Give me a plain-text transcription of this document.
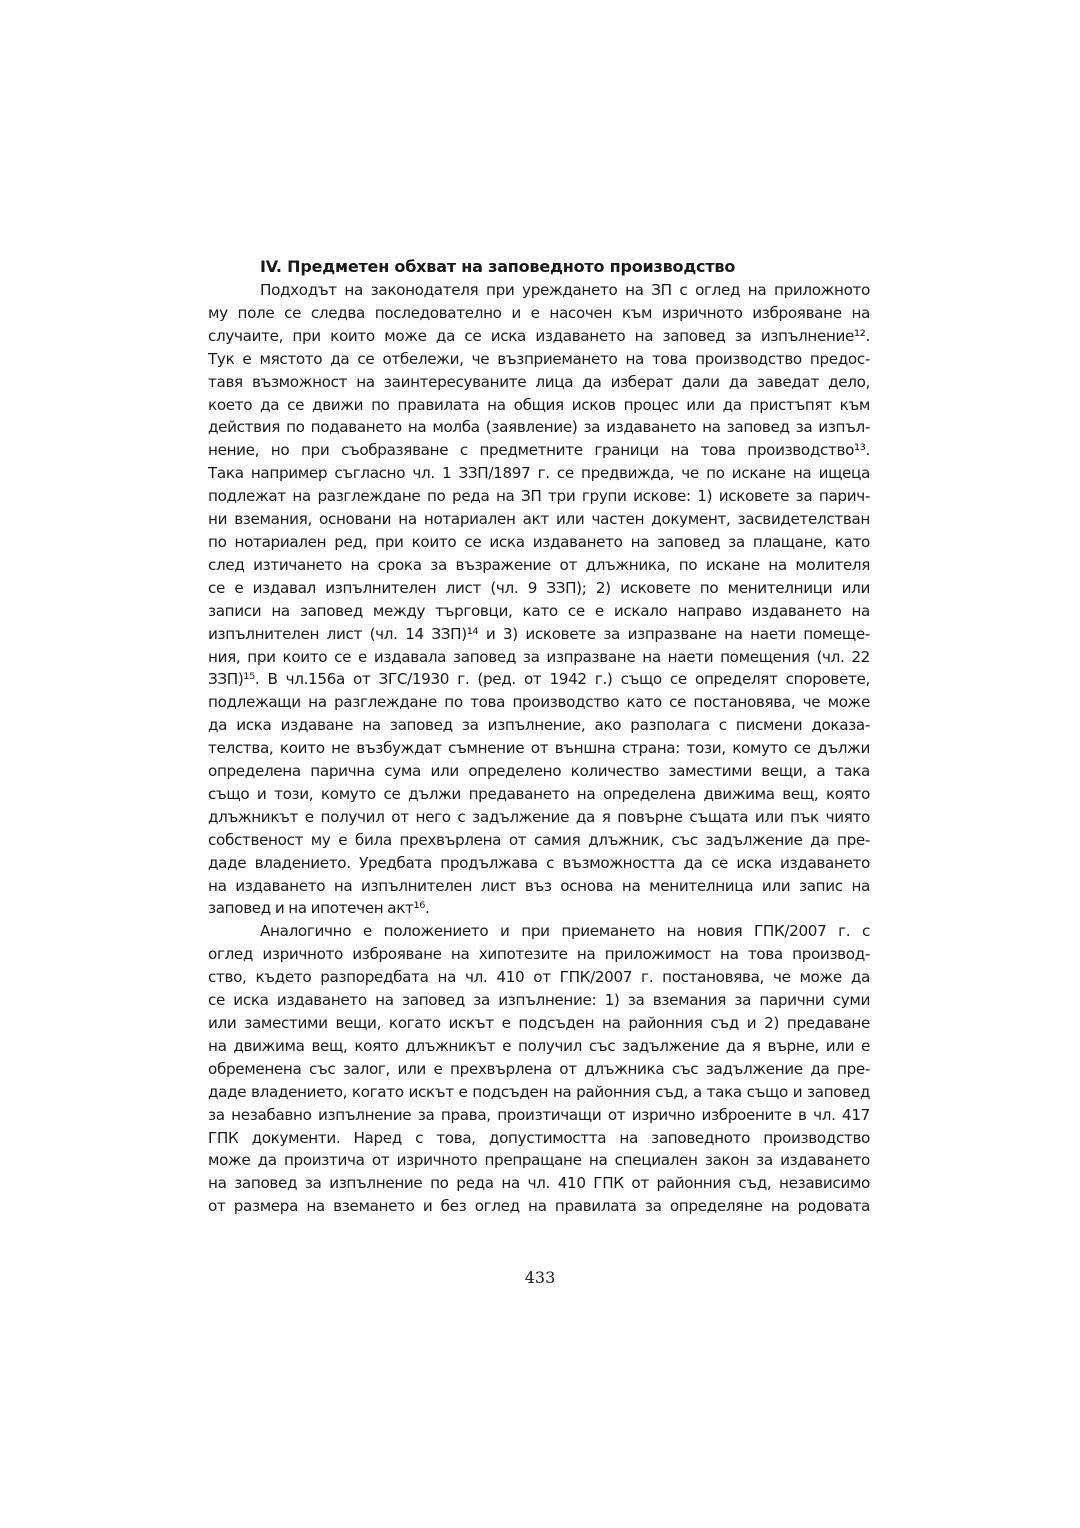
IV. Предметен обхват на заповедното производство
Подходът на законодателя при уреждането на ЗП с оглед на приложното
му поле се следва последователно и е насочен към изричното изброяване на
случаите, при които може да се иска издаването на заповед за изпълнение¹².
Тук е мястото да се отбележи, че възприемането на това производство предос-
тавя възможност на заинтересуваните лица да изберат дали да заведат дело,
което да се движи по правилата на общия исков процес или да пристъпят към
действия по подаването на молба (заявление) за издаването на заповед за изпъл-
нение, но при съобразяване с предметните граници на това производство¹³.
Така например съгласно чл. 1 ЗЗП/1897 г. се предвижда, че по искане на ищеца
подлежат на разглеждане по реда на ЗП три групи искове: 1) исковете за парич-
ни вземания, основани на нотариален акт или частен документ, засвидетелстван
по нотариален ред, при които се иска издаването на заповед за плащане, като
след изтичането на срока за възражение от длъжника, по искане на молителя
се е издавал изпълнителен лист (чл. 9 ЗЗП); 2) исковете по менителници или
записи на заповед между търговци, като се е искало направо издаването на
изпълнителен лист (чл. 14 ЗЗП)¹⁴ и 3) исковете за изпразване на наети помеще-
ния, при които се е издавала заповед за изпразване на наети помещения (чл. 22
ЗЗП)¹⁵. В чл.156а от ЗГС/1930 г. (ред. от 1942 г.) също се определят споровете,
подлежащи на разглеждане по това производство като се постановява, че може
да иска издаване на заповед за изпълнение, ако разполага с писмени доказа-
телства, които не възбуждат съмнение от външна страна: този, комуто се дължи
определена парична сума или определено количество заместими вещи, а така
също и този, комуто се дължи предаването на определена движима вещ, която
длъжникът е получил от него с задължение да я повърне същата или пък чиято
собственост му е била прехвърлена от самия длъжник, със задължение да пре-
даде владението. Уредбата продължава с възможността да се иска издаването
на издаването на изпълнителен лист въз основа на менителница или запис на
заповед и на ипотечен акт¹⁶.
Аналогично е положението и при приемането на новия ГПК/2007 г. с
оглед изричното изброяване на хипотезите на приложимост на това производ-
ство, където разпоредбата на чл. 410 от ГПК/2007 г. постановява, че може да
се иска издаването на заповед за изпълнение: 1) за вземания за парични суми
или заместими вещи, когато искът е подсъден на районния съд и 2) предаване
на движима вещ, която длъжникът е получил със задължение да я върне, или е
обременена със залог, или е прехвърлена от длъжника със задължение да пре-
даде владението, когато искът е подсъден на районния съд, а така също и заповед
за незабавно изпълнение за права, произтичащи от изрично изброените в чл. 417
ГПК документи. Наред с това, допустимостта на заповедното производство
може да произтича от изричното препращане на специален закон за издаването
на заповед за изпълнение по реда на чл. 410 ГПК от районния съд, независимо
от размера на вземането и без оглед на правилата за определяне на родовата
433
